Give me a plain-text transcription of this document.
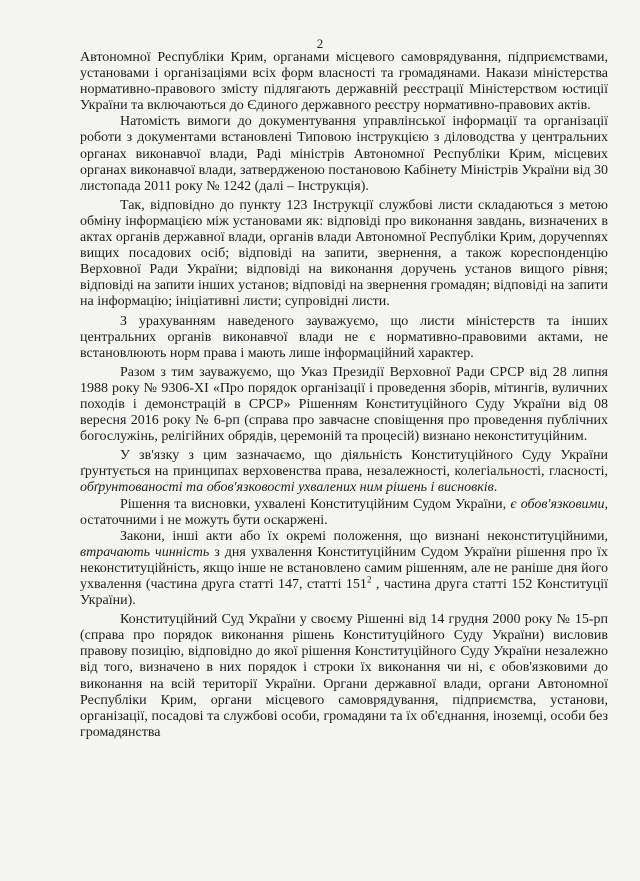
2

Автономної Республіки Крим, органами місцевого самоврядування, підприємствами, установами і організаціями всіх форм власності та громадянами. Накази міністерства нормативно-правового змісту підлягають державній реєстрації Міністерством юстиції України та включаються до Єдиного державного реєстру нормативно-правових актів.

Натомість вимоги до документування управлінської інформації та організації роботи з документами встановлені Типовою інструкцією з діловодства у центральних органах виконавчої влади, Раді міністрів Автономної Республіки Крим, місцевих органах виконавчої влади, затвердженою постановою Кабінету Міністрів України від 30 листопада 2011 року № 1242 (далі – Інструкція).

Так, відповідно до пункту 123 Інструкції службові листи складаються з метою обміну інформацією між установами як: відповіді про виконання завдань, визначених в актах органів державної влади, органів влади Автономної Республіки Крим, доручennях вищих посадових осіб; відповіді на запити, звернення, а також кореспонденцію Верховної Ради України; відповіді на виконання доручень установ вищого рівня; відповіді на запити інших установ; відповіді на звернення громадян; відповіді на запити на інформацію; ініціативні листи; супровідні листи.

З урахуванням наведеного зауважуємо, що листи міністерств та інших центральних органів виконавчої влади не є нормативно-правовими актами, не встановлюють норм права і мають лише інформаційний характер.

Разом з тим зауважуємо, що Указ Президії Верховної Ради СРСР від 28 липня 1988 року № 9306-XI «Про порядок організації і проведення зборів, мітингів, вуличних походів і демонстрацій в СРСР» Рішенням Конституційного Суду України від 08 вересня 2016 року № 6-рп (справа про завчасне сповіщення про проведення публічних богослужінь, релігійних обрядів, церемоній та процесій) визнано неконституційним.

У зв'язку з цим зазначаємо, що діяльність Конституційного Суду України ґрунтується на принципах верховенства права, незалежності, колегіальності, гласності, обґрунтованості та обов'язковості ухвалених ним рішень і висновків.

Рішення та висновки, ухвалені Конституційним Судом України, є обов'язковими, остаточними і не можуть бути оскаржені.

Закони, інші акти або їх окремі положення, що визнані неконституційними, втрачають чинність з дня ухвалення Конституційним Судом України рішення про їх неконституційність, якщо інше не встановлено самим рішенням, але не раніше дня його ухвалення (частина друга статті 147, статті $151^2$ , частина друга статті 152 Конституції України).

Конституційний Суд України у своєму Рішенні від 14 грудня 2000 року № 15-рп (справа про порядок виконання рішень Конституційного Суду України) висловив правову позицію, відповідно до якої рішення Конституційного Суду України незалежно від того, визначено в них порядок і строки їх виконання чи ні, є обов'язковими до виконання на всій території України. Органи державної влади, органи Автономної Республіки Крим, органи місцевого самоврядування, підприємства, установи, організації, посадові та службові особи, громадяни та їх об'єднання, іноземці, особи без громадянства
